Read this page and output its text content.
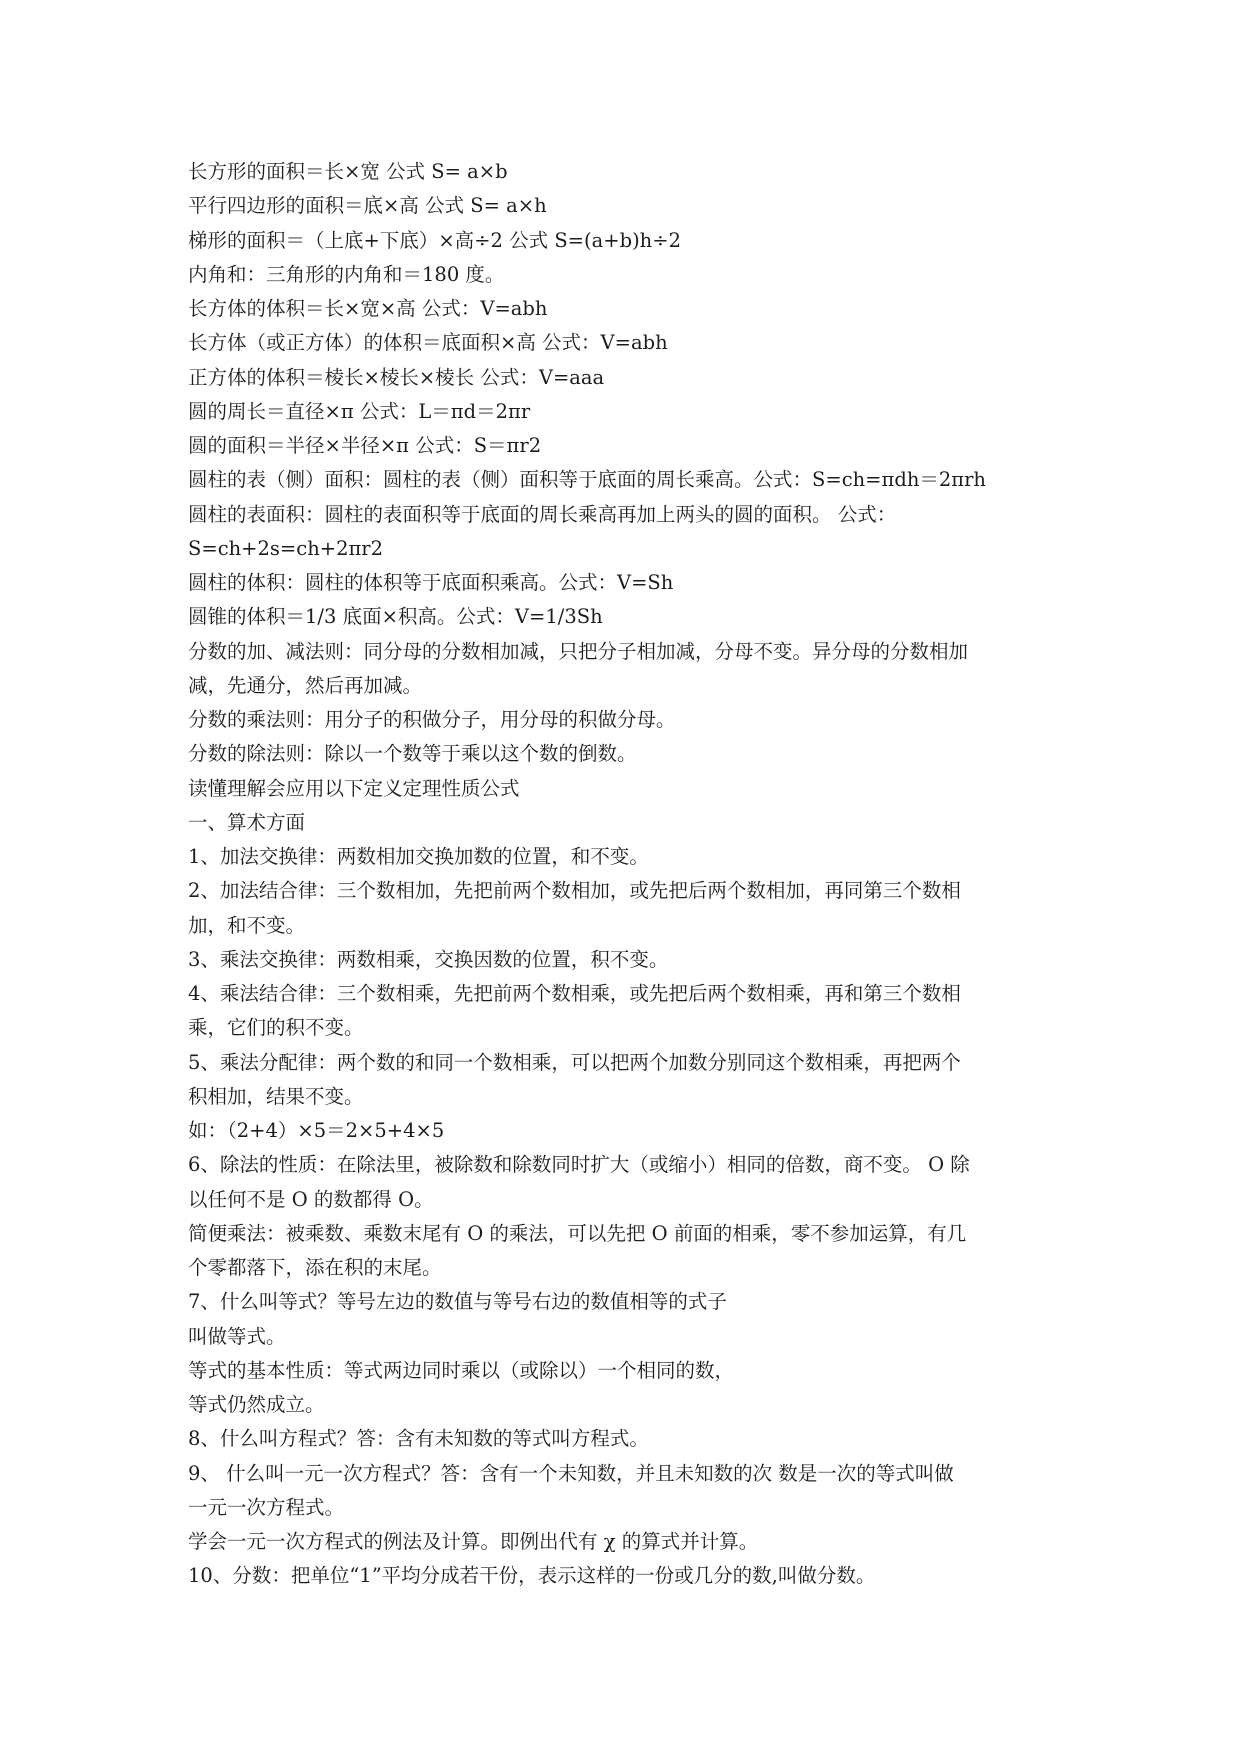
长方形的面积＝长×宽 公式 S= a×b
平行四边形的面积＝底×高 公式 S= a×h
梯形的面积＝（上底+下底）×高÷2 公式 S=(a+b)h÷2
内角和：三角形的内角和＝180 度。
长方体的体积＝长×宽×高 公式：V=abh
长方体（或正方体）的体积＝底面积×高 公式：V=abh
正方体的体积＝棱长×棱长×棱长 公式：V=aaa
圆的周长＝直径×π 公式：L＝πd＝2πr
圆的面积＝半径×半径×π 公式：S＝πr2
圆柱的表（侧）面积：圆柱的表（侧）面积等于底面的周长乘高。公式：S=ch=πdh＝2πrh
圆柱的表面积：圆柱的表面积等于底面的周长乘高再加上两头的圆的面积。 公式：
S=ch+2s=ch+2πr2
圆柱的体积：圆柱的体积等于底面积乘高。公式：V=Sh
圆锥的体积＝1/3 底面×积高。公式：V=1/3Sh
分数的加、减法则：同分母的分数相加减，只把分子相加减，分母不变。异分母的分数相加
减，先通分，然后再加减。
分数的乘法则：用分子的积做分子，用分母的积做分母。
分数的除法则：除以一个数等于乘以这个数的倒数。
读懂理解会应用以下定义定理性质公式
一、算术方面
1、加法交换律：两数相加交换加数的位置，和不变。
2、加法结合律：三个数相加，先把前两个数相加，或先把后两个数相加，再同第三个数相
加，和不变。
3、乘法交换律：两数相乘，交换因数的位置，积不变。
4、乘法结合律：三个数相乘，先把前两个数相乘，或先把后两个数相乘，再和第三个数相
乘，它们的积不变。
5、乘法分配律：两个数的和同一个数相乘，可以把两个加数分别同这个数相乘，再把两个
积相加，结果不变。
如：（2+4）×5＝2×5+4×5
6、除法的性质：在除法里，被除数和除数同时扩大（或缩小）相同的倍数，商不变。 O 除
以任何不是 O 的数都得 O。
简便乘法：被乘数、乘数末尾有 O 的乘法，可以先把 O 前面的相乘，零不参加运算，有几
个零都落下，添在积的末尾。
7、什么叫等式？等号左边的数值与等号右边的数值相等的式子
叫做等式。
等式的基本性质：等式两边同时乘以（或除以）一个相同的数，
等式仍然成立。
8、什么叫方程式？答：含有未知数的等式叫方程式。
9、 什么叫一元一次方程式？答：含有一个未知数，并且未知数的次 数是一次的等式叫做
一元一次方程式。
学会一元一次方程式的例法及计算。即例出代有 χ 的算式并计算。
10、分数：把单位“1”平均分成若干份，表示这样的一份或几分的数,叫做分数。
